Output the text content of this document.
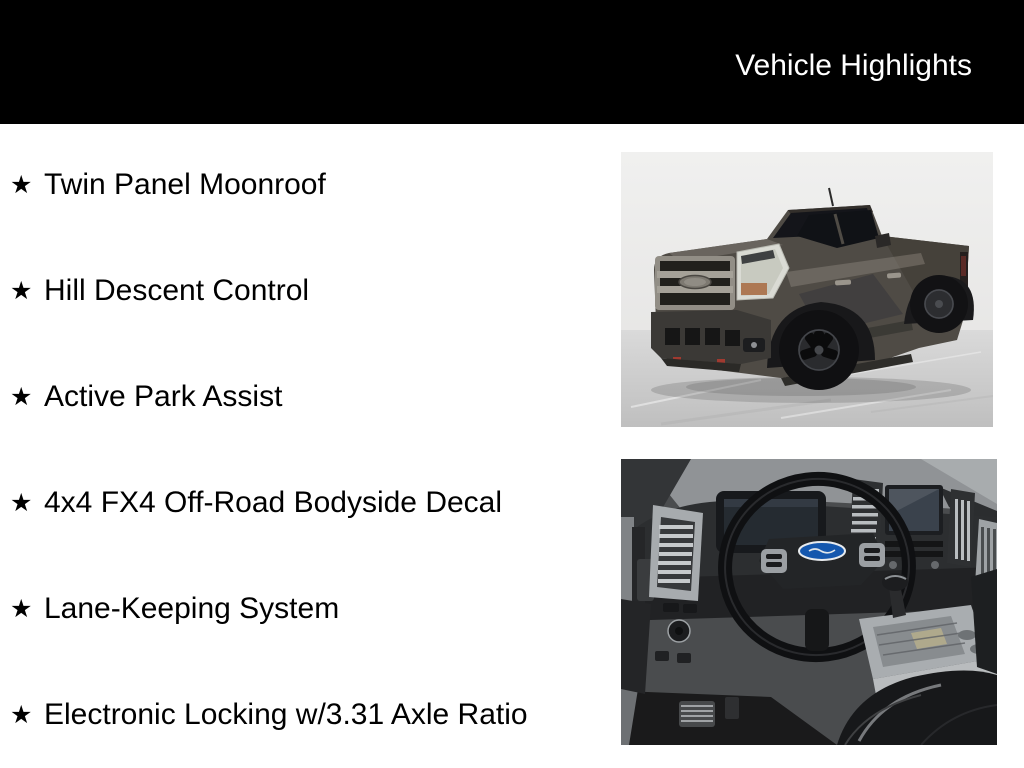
Vehicle Highlights
★ Twin Panel Moonroof
★ Hill Descent Control
★ Active Park Assist
★ 4x4 FX4 Off-Road Bodyside Decal
★ Lane-Keeping System
★ Electronic Locking w/3.31 Axle Ratio
